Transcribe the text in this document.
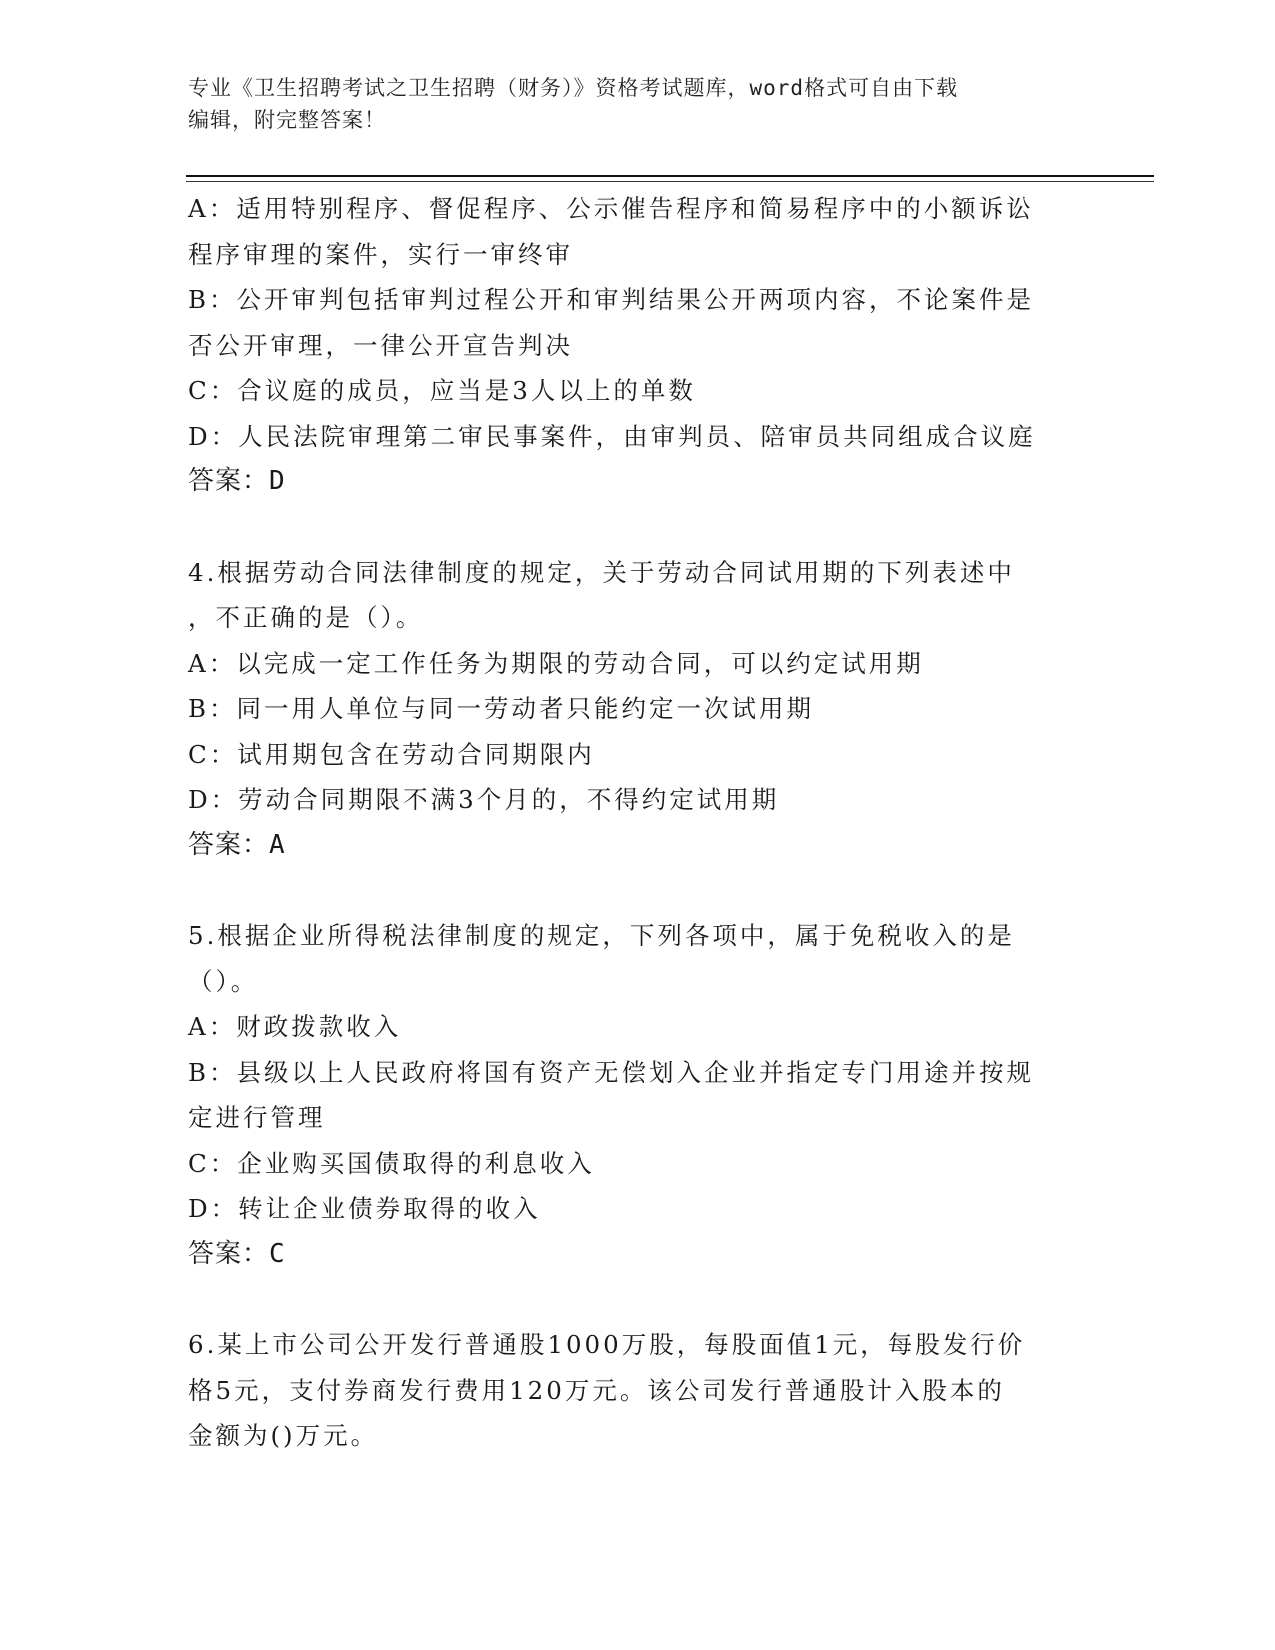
专业《卫生招聘考试之卫生招聘（财务）》资格考试题库，word格式可自由下载
编辑，附完整答案！
A：适用特别程序、督促程序、公示催告程序和简易程序中的小额诉讼
程序审理的案件，实行一审终审
B：公开审判包括审判过程公开和审判结果公开两项内容，不论案件是
否公开审理，一律公开宣告判决
C：合议庭的成员，应当是3人以上的单数
D：人民法院审理第二审民事案件，由审判员、陪审员共同组成合议庭
答案：D
4.根据劳动合同法律制度的规定，关于劳动合同试用期的下列表述中
，不正确的是（）。
A：以完成一定工作任务为期限的劳动合同，可以约定试用期
B：同一用人单位与同一劳动者只能约定一次试用期
C：试用期包含在劳动合同期限内
D：劳动合同期限不满3个月的，不得约定试用期
答案：A
5.根据企业所得税法律制度的规定，下列各项中，属于免税收入的是
（）。
A：财政拨款收入
B：县级以上人民政府将国有资产无偿划入企业并指定专门用途并按规
定进行管理
C：企业购买国债取得的利息收入
D：转让企业债券取得的收入
答案：C
6.某上市公司公开发行普通股1000万股，每股面值1元，每股发行价
格5元，支付券商发行费用120万元。该公司发行普通股计入股本的
金额为()万元。
